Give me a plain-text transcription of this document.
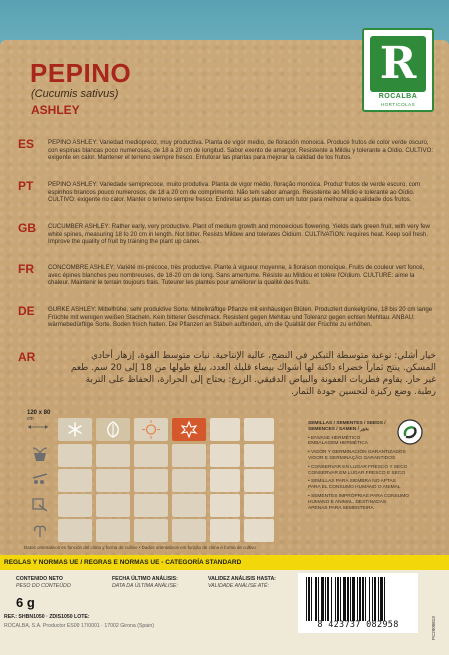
R
ROCALBA
HORTICOLAS
PEPINO
(Cucumis sativus)
ASHLEY
ES PEPINO ASHLEY: Variedad mediopreoz, muy productiva. Planta de vigor medio, de floración monoica. Produce frutos de color verde oscuro, con espinas blancas poco numerosas, de 18 a 20 cm de longitud. Sabor exento de amargor. Resistente a Mildiu y tolerante a Oídio. CULTIVO: exigente en calor. Mantener el terreno siempre fresco. Entutorar las plantas para mejorar la calidad de los frutos.

PT PEPINO ASHLEY: Variedade semiprecoce, muito produtiva. Planta de vigor médio, floração monóica. Produz frutos de verde escuro, com espinhos brancos pouco numerosos, de 18 a 20 cm de comprimento. Não tem sabor amargo. Resistente ao Míldio e tolerante ao Oídio. CULTIVO: exigente no calor. Manter o terreno sempre fresco. Endireitar as plantas com um tutor para melhorar a qualidade dos frutos.

GB CUCUMBER ASHLEY: Rather early, very productive. Plant of medium growth and monoecious flowering. Yields dark green fruit, with very few white spines, measuring 18 to 20 cm in length. Not bitter. Resists Mildew and tolerates Oidium. CULTIVATION: requires heat. Keep soil fresh. Improve the quality of fruit by training the plant up canes.

FR CONCOMBRE ASHLEY: Variété mi-précoce, très productive. Plante à vigueur moyenne, à floraison monoïque. Fruits de couleur vert foncé, avec épines blanches peu nombreuses, de 18-20 cm de long. Sans amertume. Résiste au Mildiou et tolère l'Oïdium. CULTURE: aime la chaleur. Maintenir le terrain toujours frais. Tuteurer les plantes pour améliorer la qualité des fruits.

DE GURKE ASHLEY: Mittelfrühe, sehr produktive Sorte. Mittelkräftige Pflanze mit einhäusigen Blüten. Produziert dunkelgrüne, 18 bis 20 cm lange Früchte mit wenigen weißen Stacheln. Kein bitterer Geschmack. Resistent gegen Mehltau und Toleranz gegen echten Mehltau. ANBAU: wärmebedürftige Sorte. Boden frisch halten. Die Pflanzen an Stäben aufbinden, um die Qualität der Früchte zu erhöhen.

AR	خيار أشلي: نوعية متوسطة التبكير في النضج، عالية الإنتاجية. نبات متوسط القوة، إزهار أحادي المسكن. ينتج ثماراً خضراء داكنة لها أشواك بيضاء قليلة العدد، يبلغ طولها من 18 إلى 20 سم. طعم غير حار. يقاوم فطريات العفونة والبياض الدقيقي. الزرع: يحتاج إلى الحرارة، الحفاظ على التربة رطبة. وضع ركيزة لتحسين جودة الثمار.

120 x 80
cm
SEMILLAS / SEMENTES / SEEDS / SEMENCES / SAMEN / بذور
• ENVASE HERMÉTICO
EMBALAGEM HERMÉTICA
• VIGOR Y GERMINACIÓN GARANTIZADOS
VIGOR E GERMINAÇÃO GARANTIDOS
• CONSERVAR EN LUGAR FRESCO Y SECO
CONSERVAR EM LUGAR FRESCO E SECO
• SEMILLAS PARA SIEMBRA NO APTAS
PARA EL CONSUMO HUMANO O ANIMAL
• SEMENTES IMPRÓPRIAS PARA CONSUMO
HUMANO E ANIMAL, DESTINADAS
APENAS PARA SEMENTEIRA
Datos orientativos en función del clima y forma de cultivo • Dados orientativos em função de clima e forma de cultivo
REGLAS Y NORMAS UE / REGRAS E NORMAS UE - CATEGORÍA STANDARD
CONTENIDO NETO
PESO DO CONTEÚDO
6 g
FECHA ÚLTIMO ANÁLISIS:
DATA DA ÚLTIMA ANÁLISE:
VALIDEZ ANÁLISIS HASTA:
VALIDADE ANÁLISE ATÉ:
REF.: SHBN1050 · ZDIS1050 LOTE:
ROCALBA, S.A. Productor ES09 17/0001 · 17002 Girona (Spain)	8 423737 082958	PC2900813
